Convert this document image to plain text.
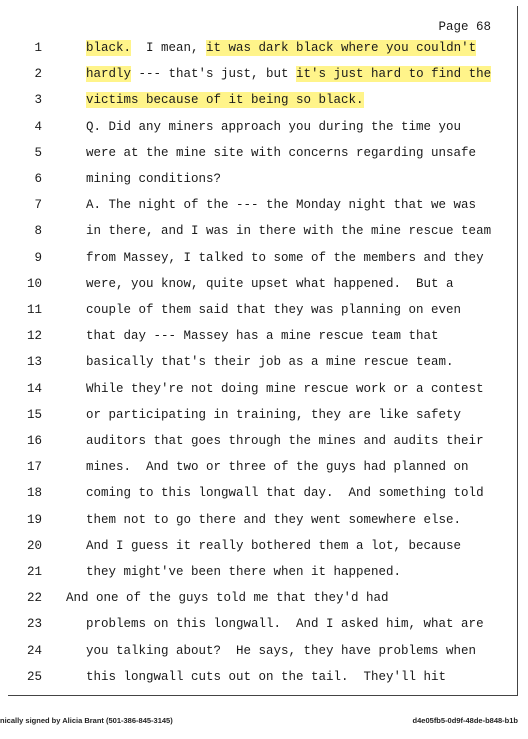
Page 68
1	black.  I mean, it was dark black where you couldn't
2	hardly --- that's just, but it's just hard to find the
3	victims because of it being so black.
4	Q. Did any miners approach you during the time you
5	were at the mine site with concerns regarding unsafe
6	mining conditions?
7	A. The night of the --- the Monday night that we was
8	in there, and I was in there with the mine rescue team
9	from Massey, I talked to some of the members and they
10	were, you know, quite upset what happened.  But a
11	couple of them said that they was planning on even
12	that day --- Massey has a mine rescue team that
13	basically that's their job as a mine rescue team.
14	While they're not doing mine rescue work or a contest
15	or participating in training, they are like safety
16	auditors that goes through the mines and audits their
17	mines.  And two or three of the guys had planned on
18	coming to this longwall that day.  And something told
19	them not to go there and they went somewhere else.
20	And I guess it really bothered them a lot, because
21	they might've been there when it happened.
22 And one of the guys told me that they'd had
23	problems on this longwall.  And I asked him, what are
24	you talking about?  He says, they have problems when
25	this longwall cuts out on the tail.  They'll hit
nically signed by Alicia Brant (501-386-845-3145)	d4e05fb5-0d9f-48de-b848-b1b
